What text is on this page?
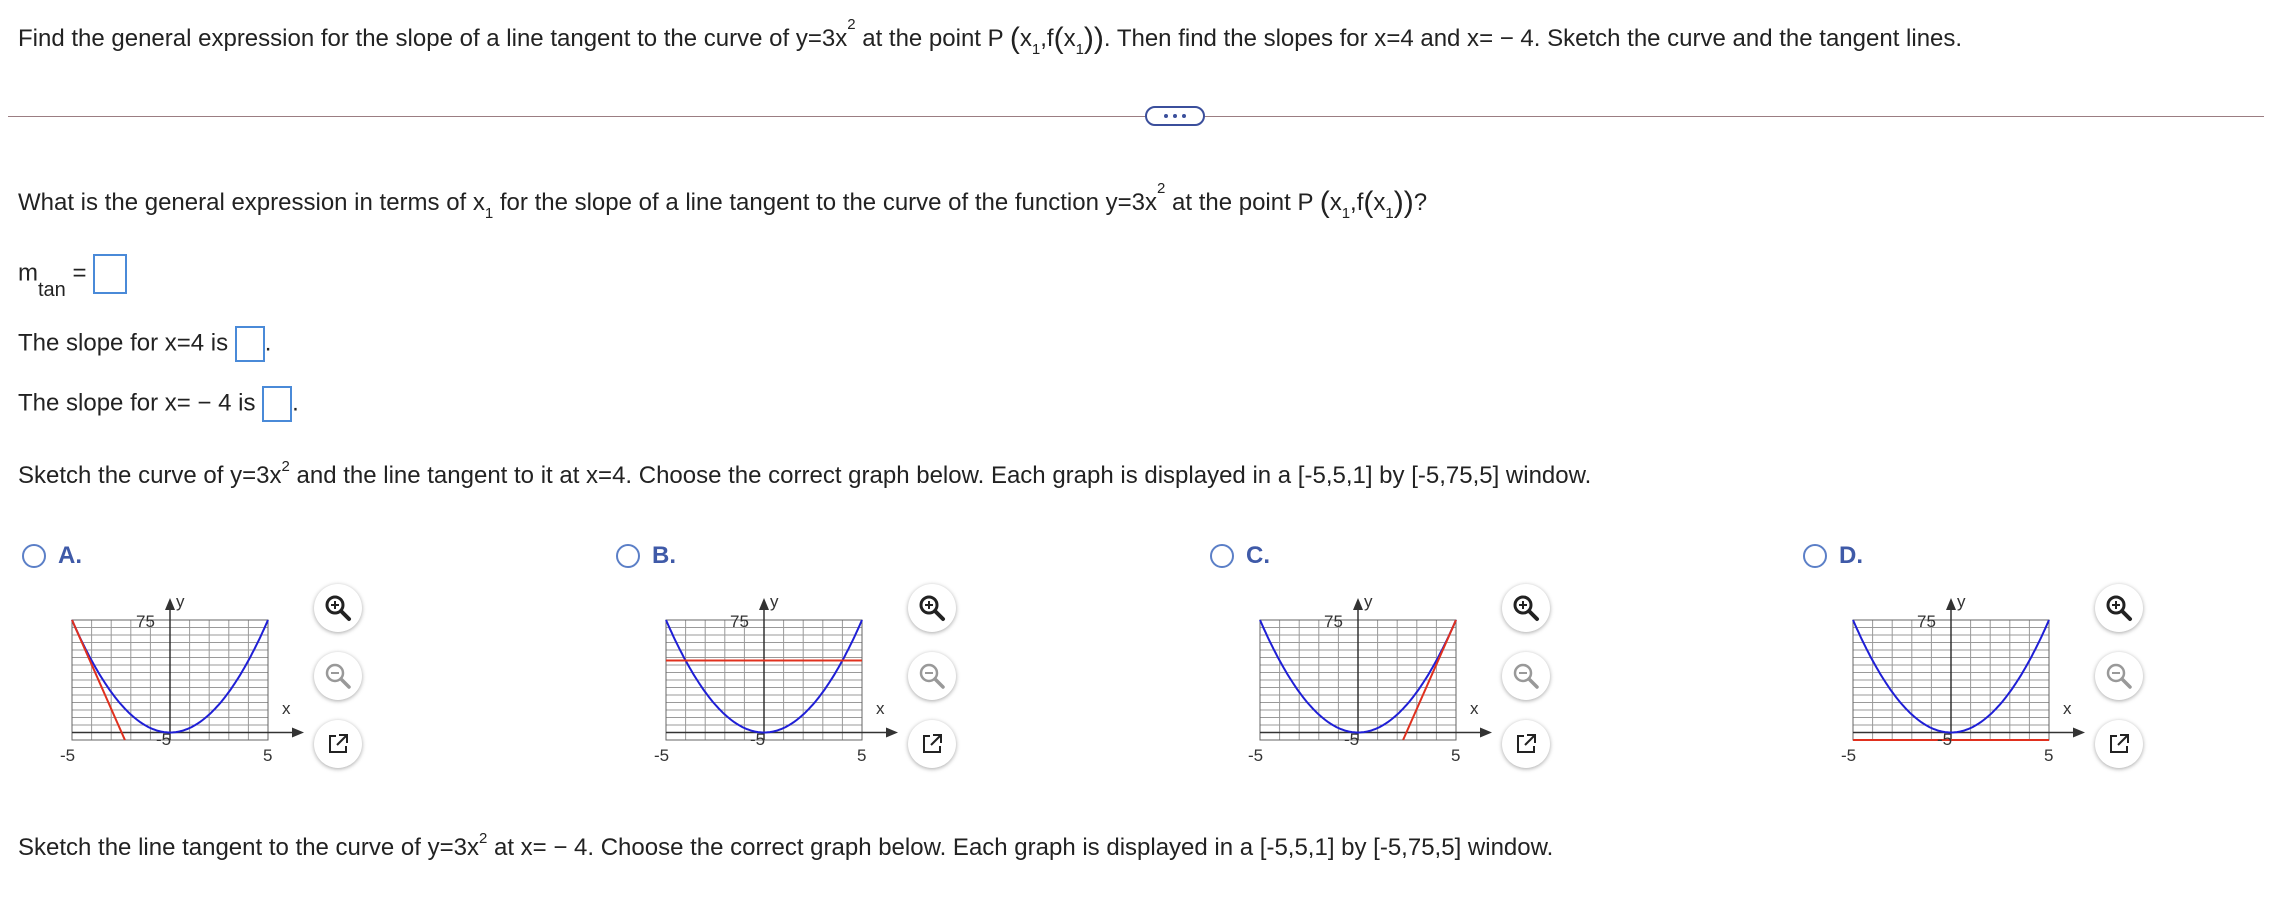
Find the general expression for the slope of a line tangent to the curve of $y=3x^2$ at the point P $(x_1,f(x_1))$. Then find the slopes for x=4 and x= − 4. Sketch the curve and the tangent lines.
What is the general expression in terms of $x_1$ for the slope of a line tangent to the curve of the function $y=3x^2$ at the point P $(x_1,f(x_1))$?
$m_{tan}$ =
The slope for x=4 is .
The slope for x= − 4 is .
Sketch the curve of $y=3x^2$ and the line tangent to it at x=4. Choose the correct graph below. Each graph is displayed in a [-5,5,1] by [-5,75,5] window.
A.
y
75
-5
x
-5	5
B.
y
75
-5
x
-5	5
C.
y
75
-5
x
-5	5
D.
y
75
-5
x
-5	5
Sketch the line tangent to the curve of $y=3x^2$ at x= − 4. Choose the correct graph below. Each graph is displayed in a [-5,5,1] by [-5,75,5] window.
